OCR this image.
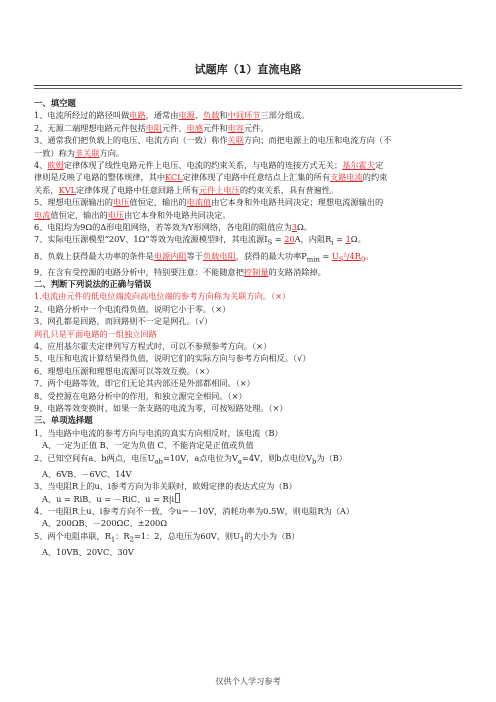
试题库（1）直流电路
一、填空题
1、电流所经过的路径叫做电路，通常由电源、负载和中间环节三部分组成。
2、无源二端理想电路元件包括电阻元件、电感元件和电容元件。
3、通常我们把负载上的电压、电流方向（一致）称作关联方向；而把电源上的电压和电流方向（不
一致）称为非关联方向。
4、欧姆定律体现了线性电路元件上电压、电流的约束关系，与电路的连接方式无关；基尔霍夫定
律则是反映了电路的整体规律，其中KCL定律体现了电路中任意结点上汇集的所有支路电流的约束
关系，KVL定律体现了电路中任意回路上所有元件上电压的约束关系，具有普遍性。
5、理想电压源输出的电压值恒定，输出的电流值由它本身和外电路共同决定；理想电流源输出的
电流值恒定，输出的电压由它本身和外电路共同决定。
6、电阻均为9Ω的Δ形电阻网络，若等效为Y形网络，各电阻的阻值应为3Ω。
7、实际电压源模型“20V、1Ω”等效为电流源模型时，其电流源$I_S = 20A$，内阻$R_i = 1\Omega$。
8、负载上获得最大功率的条件是电源内阻等于负载电阻，获得的最大功率$P_{min} = U_S^2/4R_0$。
9、在含有受控源的电路分析中，特别要注意：不能随意把控制量的支路消除掉。
二、判断下列说法的正确与错误
1.电流由元件的低电位端流向高电位端的参考方向称为关联方向。（×）
2、电路分析中一个电流得负值，说明它小于零。（×）
3、网孔都是回路，而回路则不一定是网孔。（√）
网孔只是平面电路的一组独立回路
4、应用基尔霍夫定律列写方程式时，可以不参照参考方向。（×）
5、电压和电流计算结果得负值，说明它们的实际方向与参考方向相反。（√）
6、理想电压源和理想电流源可以等效互换。（×）
7、两个电路等效，即它们无论其内部还是外部都相同。（×）
8、受控源在电路分析中的作用，和独立源完全相同。（×）
9、电路等效变换时，如果一条支路的电流为零，可按短路处理。（×）
三、单项选择题
1、当电路中电流的参考方向与电流的真实方向相反时，该电流（B）
A、一定为正值 B、一定为负值 C、不能肯定是正值或负值
2、已知空间有a、b两点，电压$U_{ab}=10V$，a点电位为$V_a=4V$，则b点电位$V_b$为（B）
A、6VB、－6VC、14V
3、当电阻R上的u、i参考方向为非关联时，欧姆定律的表达式应为（B）
A、u = RiB、u = －RiC、u = R|i
4、一电阻R上u、i参考方向不一致，令u＝－10V，消耗功率为0.5W，则电阻R为（A）
A、200ΩB、－200ΩC、±200Ω
5、两个电阻串联，$R_1$：$R_2=1$：2，总电压为60V，则$U_1$的大小为（B）
A、10VB、20VC、30V
仅供个人学习参考
